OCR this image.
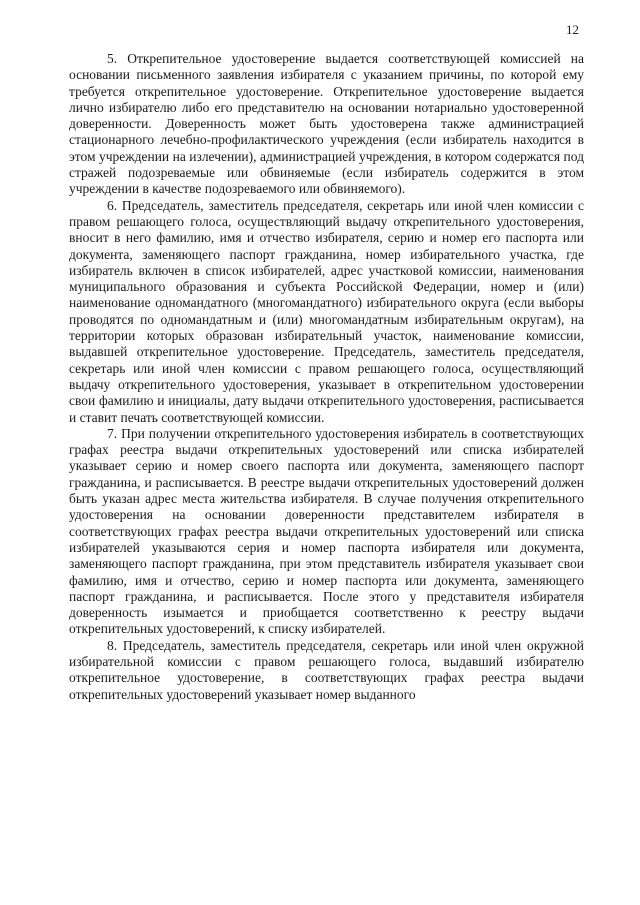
12

5. Открепительное удостоверение выдается соответствующей комиссией на основании письменного заявления избирателя с указанием причины, по которой ему требуется открепительное удостоверение. Открепительное удостоверение выдается лично избирателю либо его представителю на основании нотариально удостоверенной доверенности. Доверенность может быть удостоверена также администрацией стационарного лечебно-профилактического учреждения (если избиратель находится в этом учреждении на излечении), администрацией учреждения, в котором содержатся под стражей подозреваемые или обвиняемые (если избиратель содержится в этом учреждении в качестве подозреваемого или обвиняемого).

6. Председатель, заместитель председателя, секретарь или иной член комиссии с правом решающего голоса, осуществляющий выдачу открепительного удостоверения, вносит в него фамилию, имя и отчество избирателя, серию и номер его паспорта или документа, заменяющего паспорт гражданина, номер избирательного участка, где избиратель включен в список избирателей, адрес участковой комиссии, наименования муниципального образования и субъекта Российской Федерации, номер и (или) наименование одномандатного (многомандатного) избирательного округа (если выборы проводятся по одномандатным и (или) многомандатным избирательным округам), на территории которых образован избирательный участок, наименование комиссии, выдавшей открепительное удостоверение. Председатель, заместитель председателя, секретарь или иной член комиссии с правом решающего голоса, осуществляющий выдачу открепительного удостоверения, указывает в открепительном удостоверении свои фамилию и инициалы, дату выдачи открепительного удостоверения, расписывается и ставит печать соответствующей комиссии.

7. При получении открепительного удостоверения избиратель в соответствующих графах реестра выдачи открепительных удостоверений или списка избирателей указывает серию и номер своего паспорта или документа, заменяющего паспорт гражданина, и расписывается. В реестре выдачи открепительных удостоверений должен быть указан адрес места жительства избирателя. В случае получения открепительного удостоверения на основании доверенности представителем избирателя в соответствующих графах реестра выдачи открепительных удостоверений или списка избирателей указываются серия и номер паспорта избирателя или документа, заменяющего паспорт гражданина, при этом представитель избирателя указывает свои фамилию, имя и отчество, серию и номер паспорта или документа, заменяющего паспорт гражданина, и расписывается. После этого у представителя избирателя доверенность изымается и приобщается соответственно к реестру выдачи открепительных удостоверений, к списку избирателей.

8. Председатель, заместитель председателя, секретарь или иной член окружной избирательной комиссии с правом решающего голоса, выдавший избирателю открепительное удостоверение, в соответствующих графах реестра выдачи открепительных удостоверений указывает номер выданного
